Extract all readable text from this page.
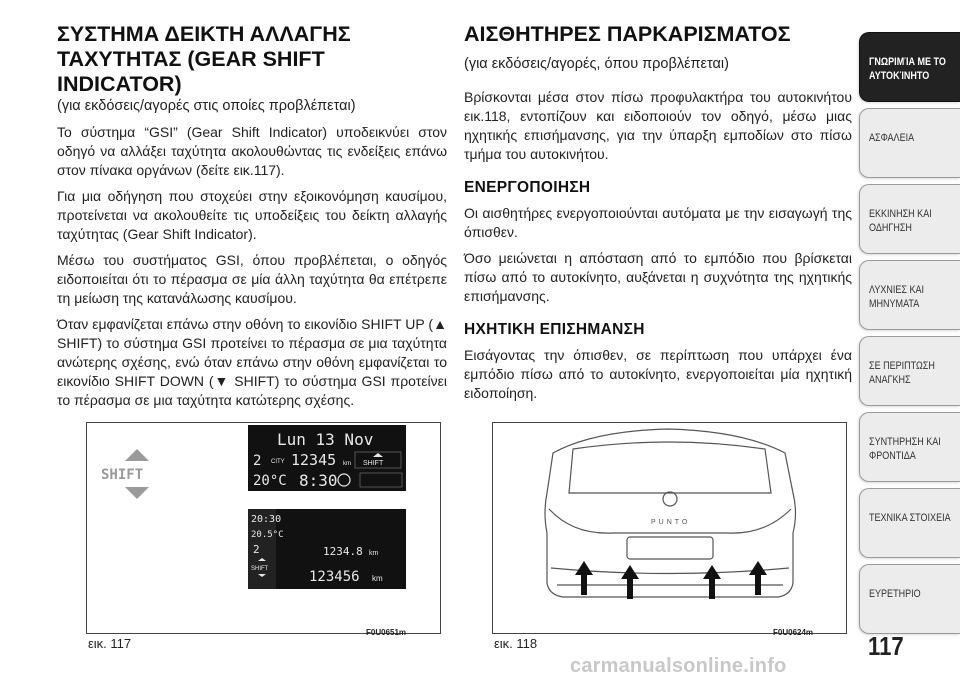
ΣΥΣΤΗΜΑ ΔΕΙΚΤΗ ΑΛΛΑΓΗΣ
ΤΑΧΥΤΗΤΑΣ (GEAR SHIFT
INDICATOR)
(για εκδόσεις/αγορές στις οποίες προβλέπεται)
Το σύστημα “GSI” (Gear Shift Indicator) υποδεικνύει στον οδηγό να αλλάξει ταχύτητα ακολουθώντας τις ενδείξεις επάνω στον πίνακα οργάνων (δείτε εικ.117).
Για μια οδήγηση που στοχεύει στην εξοικονόμηση καυσίμου, προτείνεται να ακολουθείτε τις υποδείξεις του δείκτη αλλαγής ταχύτητας (Gear Shift Indicator).
Μέσω του συστήματος GSI, όπου προβλέπεται, ο οδηγός ειδοποιείται ότι το πέρασμα σε μία άλλη ταχύτητα θα επέτρεπε τη μείωση της κατανάλωσης καυσίμου.
Όταν εμφανίζεται επάνω στην οθόνη το εικονίδιο SHIFT UP (▲ SHIFT) το σύστημα GSI προτείνει το πέρασμα σε μια ταχύτητα ανώτερης σχέσης, ενώ όταν επάνω στην οθόνη εμφανίζεται το εικονίδιο SHIFT DOWN (▼ SHIFT) το σύστημα GSI προτείνει το πέρασμα σε μια ταχύτητα κατώτερης σχέσης.
ΑΙΣΘΗΤΗΡΕΣ ΠΑΡΚΑΡΙΣΜΑΤΟΣ
(για εκδόσεις/αγορές, όπου προβλέπεται)
Βρίσκονται μέσα στον πίσω προφυλακτήρα του αυτοκινήτου εικ.118, εντοπίζουν και ειδοποιούν τον οδηγό, μέσω μιας ηχητικής επισήμανσης, για την ύπαρξη εμποδίων στο πίσω τμήμα του αυτοκινήτου.
ΕΝΕΡΓΟΠΟΙΗΣΗ
Οι αισθητήρες ενεργοποιούνται αυτόματα με την εισαγωγή της όπισθεν.
Όσο μειώνεται η απόσταση από το εμπόδιο που βρίσκεται πίσω από το αυτοκίνητο, αυξάνεται η συχνότητα της ηχητικής επισήμανσης.
ΗΧΗΤΙΚΗ ΕΠΙΣΗΜΑΝΣΗ
Εισάγοντας την όπισθεν, σε περίπτωση που υπάρχει ένα εμπόδιο πίσω από το αυτοκίνητο, ενεργοποιείται μία ηχητική ειδοποίηση.
SHIFT
Lun 13 Nov
2 CITY 12345 km SHIFT
20°C 8:30
20:30
20.5°C
2	1234.8 km
SHIFT	123456 km
εικ. 117
F0U0651m
PUNTO
εικ. 118
F0U0624m
ΓΝΩΡΙΜΊΑ ΜΕ ΤΟ ΑΥΤΟΚΊΝΗΤΟ
ΑΣΦΑΛΕΙΑ
ΕΚΚΙΝΗΣΗ ΚΑΙ ΟΔΗΓΗΣΗ
ΛΥΧΝΙΕΣ ΚΑΙ ΜΗΝΥΜΑΤΑ
ΣΕ ΠΕΡΙΠΤΩΣΗ ΑΝΑΓΚΗΣ
ΣΥΝΤΗΡΗΣΗ ΚΑΙ ΦΡΟΝΤΙΔΑ
ΤΕΧΝΙΚΑ ΣΤΟΙΧΕΙΑ
ΕΥΡΕΤΗΡΙΟ
117
carmanualsonline.info
